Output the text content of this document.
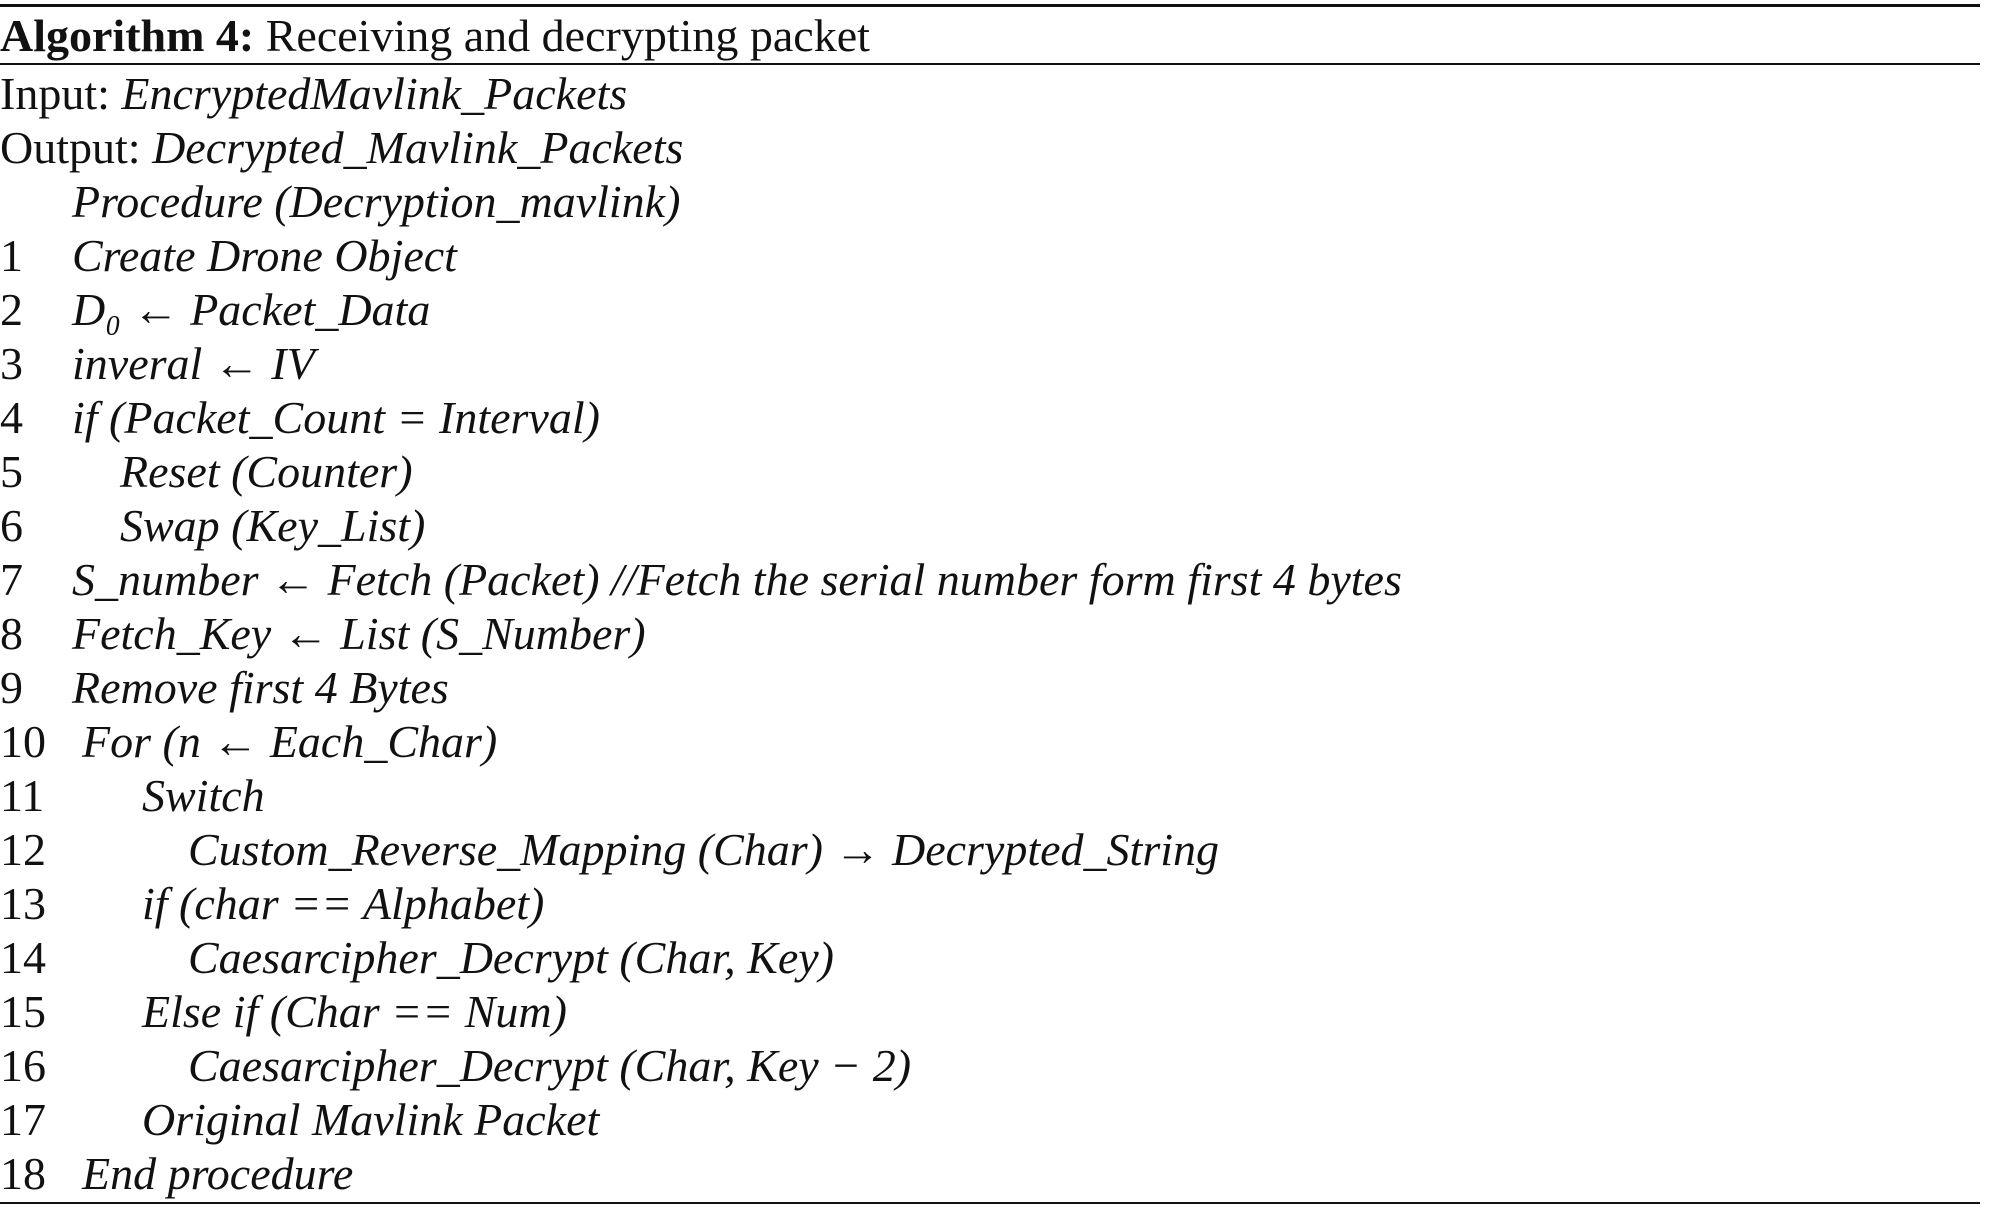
Algorithm 4: Receiving and decrypting packet
Input: EncryptedMavlink_Packets
Output: Decrypted_Mavlink_Packets
Procedure (Decryption_mavlink)
1 Create Drone Object
2 D₀ ← Packet_Data
3 inveral ← IV
4 if (Packet_Count = Interval)
5 Reset (Counter)
6 Swap (Key_List)
7 S_number ← Fetch (Packet) //Fetch the serial number form first 4 bytes
8 Fetch_Key ← List (S_Number)
9 Remove first 4 Bytes
10 For (n ← Each_Char)
11 Switch
12	Custom_Reverse_Mapping (Char) → Decrypted_String
13 if (char == Alphabet)
14	Caesarcipher_Decrypt (Char, Key)
15 Else if (Char == Num)
16	Caesarcipher_Decrypt (Char, Key − 2)
17 Original Mavlink Packet
18 End procedure
